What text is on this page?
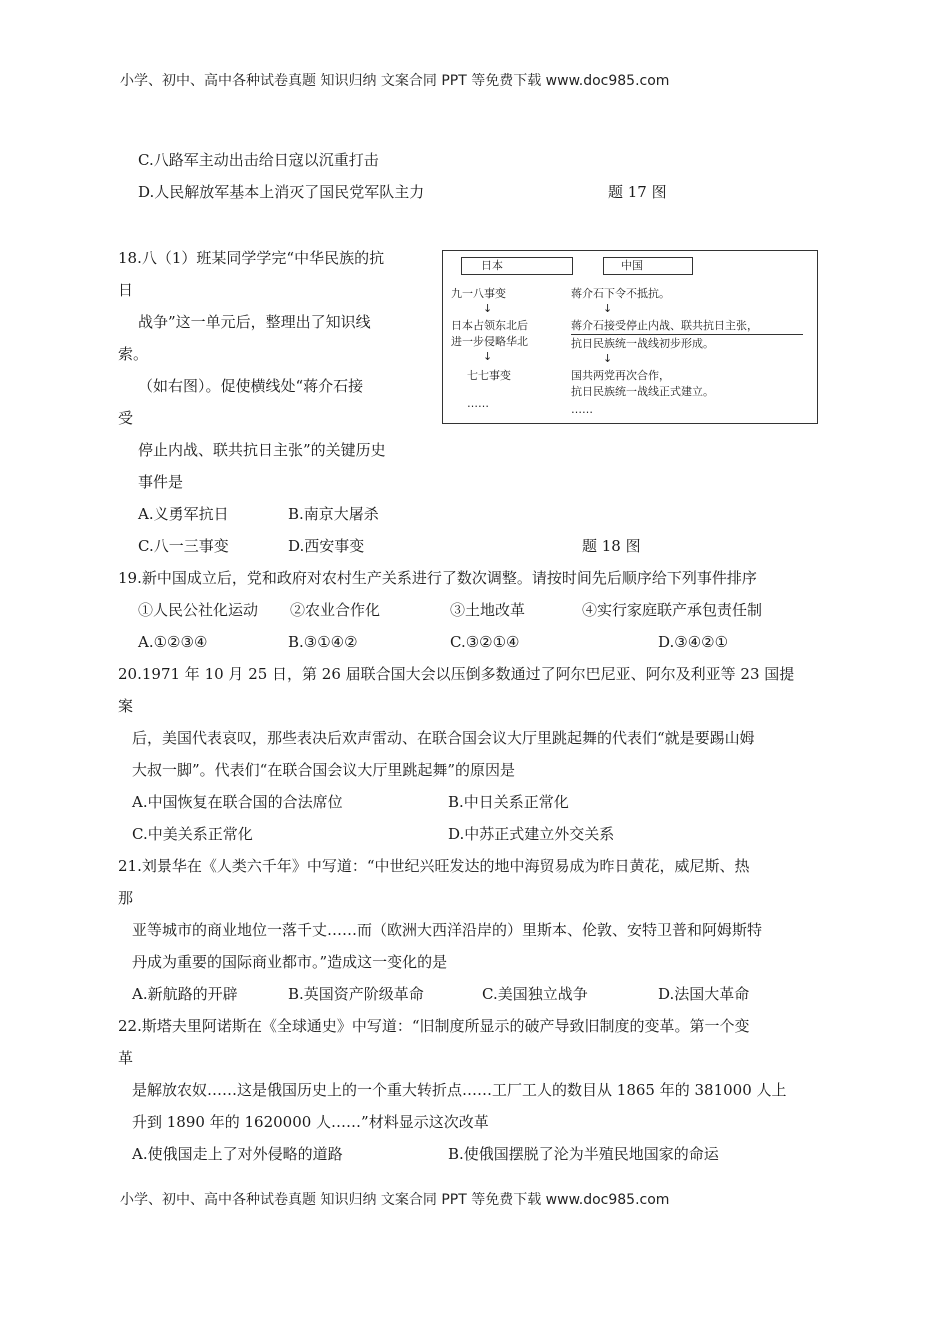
小学、初中、高中各种试卷真题 知识归纳 文案合同 PPT 等免费下载 www.doc985.com
C.八路军主动出击给日寇以沉重打击
D.人民解放军基本上消灭了国民党军队主力	题 17 图
18.八（1）班某同学学完“中华民族的抗
日
战争”这一单元后，整理出了知识线
索。
（如右图）。促使横线处“蒋介石接
受
停止内战、联共抗日主张”的关键历史
事件是
日本	中国
九一八事变
↓
日本占领东北后
进一步侵略华北
↓
七七事变
……
蒋介石下令不抵抗。
↓
蒋介石接受停止内战、联共抗日主张，
抗日民族统一战线初步形成。
↓
国共两党再次合作，
抗日民族统一战线正式建立。
……
A.义勇军抗日	B.南京大屠杀
C.八一三事变	D.西安事变	题 18 图
19.新中国成立后，党和政府对农村生产关系进行了数次调整。请按时间先后顺序给下列事件排序
①人民公社化运动 ②农业合作化	③土地改革	④实行家庭联产承包责任制
A.①②③④	B.③①④②	C.③②①④	D.③④②①
20.1971 年 10 月 25 日，第 26 届联合国大会以压倒多数通过了阿尔巴尼亚、阿尔及利亚等 23 国提
案
后，美国代表哀叹，那些表决后欢声雷动、在联合国会议大厅里跳起舞的代表们“就是要踢山姆
大叔一脚”。代表们“在联合国会议大厅里跳起舞”的原因是
A.中国恢复在联合国的合法席位	B.中日关系正常化
C.中美关系正常化	D.中苏正式建立外交关系
21.刘景华在《人类六千年》中写道：“中世纪兴旺发达的地中海贸易成为昨日黄花，威尼斯、热
那
亚等城市的商业地位一落千丈……而（欧洲大西洋沿岸的）里斯本、伦敦、安特卫普和阿姆斯特
丹成为重要的国际商业都市。”造成这一变化的是
A.新航路的开辟	B.英国资产阶级革命	C.美国独立战争	D.法国大革命
22.斯塔夫里阿诺斯在《全球通史》中写道：“旧制度所显示的破产导致旧制度的变革。第一个变
革
是解放农奴……这是俄国历史上的一个重大转折点……工厂工人的数目从 1865 年的 381000 人上
升到 1890 年的 1620000 人……”材料显示这次改革
A.使俄国走上了对外侵略的道路	B.使俄国摆脱了沦为半殖民地国家的命运
小学、初中、高中各种试卷真题 知识归纳 文案合同 PPT 等免费下载 www.doc985.com
